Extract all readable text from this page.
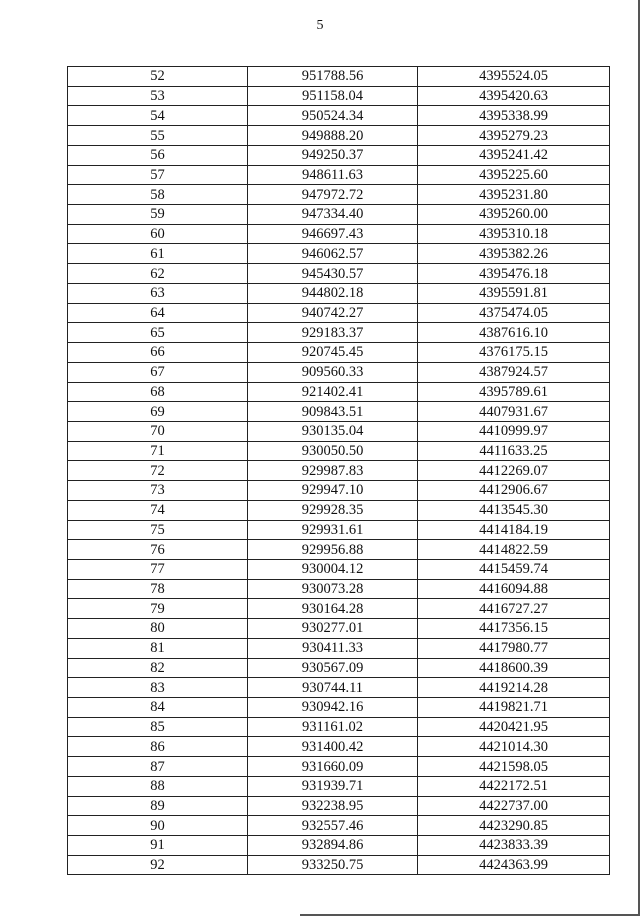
5
52	951788.56	4395524.05
53	951158.04	4395420.63
54	950524.34	4395338.99
55	949888.20	4395279.23
56	949250.37	4395241.42
57	948611.63	4395225.60
58	947972.72	4395231.80
59	947334.40	4395260.00
60	946697.43	4395310.18
61	946062.57	4395382.26
62	945430.57	4395476.18
63	944802.18	4395591.81
64	940742.27	4375474.05
65	929183.37	4387616.10
66	920745.45	4376175.15
67	909560.33	4387924.57
68	921402.41	4395789.61
69	909843.51	4407931.67
70	930135.04	4410999.97
71	930050.50	4411633.25
72	929987.83	4412269.07
73	929947.10	4412906.67
74	929928.35	4413545.30
75	929931.61	4414184.19
76	929956.88	4414822.59
77	930004.12	4415459.74
78	930073.28	4416094.88
79	930164.28	4416727.27
80	930277.01	4417356.15
81	930411.33	4417980.77
82	930567.09	4418600.39
83	930744.11	4419214.28
84	930942.16	4419821.71
85	931161.02	4420421.95
86	931400.42	4421014.30
87	931660.09	4421598.05
88	931939.71	4422172.51
89	932238.95	4422737.00
90	932557.46	4423290.85
91	932894.86	4423833.39
92	933250.75	4424363.99
